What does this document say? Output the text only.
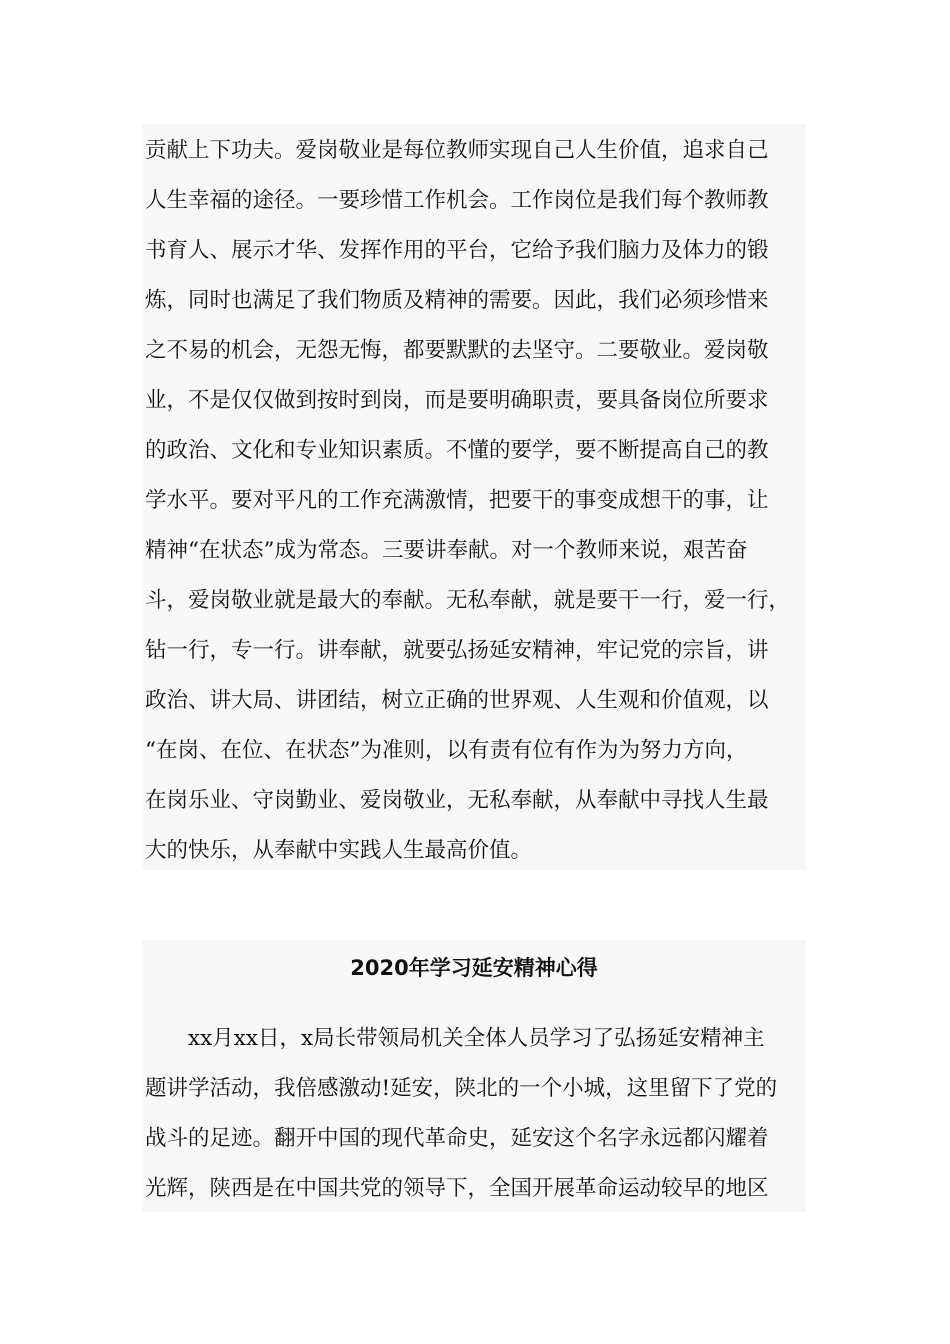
贡献上下功夫。爱岗敬业是每位教师实现自己人生价值，追求自己
人生幸福的途径。一要珍惜工作机会。工作岗位是我们每个教师教
书育人、展示才华、发挥作用的平台，它给予我们脑力及体力的锻
炼，同时也满足了我们物质及精神的需要。因此，我们必须珍惜来
之不易的机会，无怨无悔，都要默默的去坚守。二要敬业。爱岗敬
业，不是仅仅做到按时到岗，而是要明确职责，要具备岗位所要求
的政治、文化和专业知识素质。不懂的要学，要不断提高自己的教
学水平。要对平凡的工作充满激情，把要干的事变成想干的事，让
精神“在状态”成为常态。三要讲奉献。对一个教师来说，艰苦奋
斗，爱岗敬业就是最大的奉献。无私奉献，就是要干一行，爱一行，
钻一行，专一行。讲奉献，就要弘扬延安精神，牢记党的宗旨，讲
政治、讲大局、讲团结，树立正确的世界观、人生观和价值观，以
“在岗、在位、在状态”为准则，以有责有位有作为为努力方向，
在岗乐业、守岗勤业、爱岗敬业，无私奉献，从奉献中寻找人生最
大的快乐，从奉献中实践人生最高价值。
2020年学习延安精神心得
xx月xx日，x局长带领局机关全体人员学习了弘扬延安精神主
题讲学活动，我倍感激动!延安，陕北的一个小城，这里留下了党的
战斗的足迹。翻开中国的现代革命史，延安这个名字永远都闪耀着
光辉，陕西是在中国共党的领导下，全国开展革命运动较早的地区
